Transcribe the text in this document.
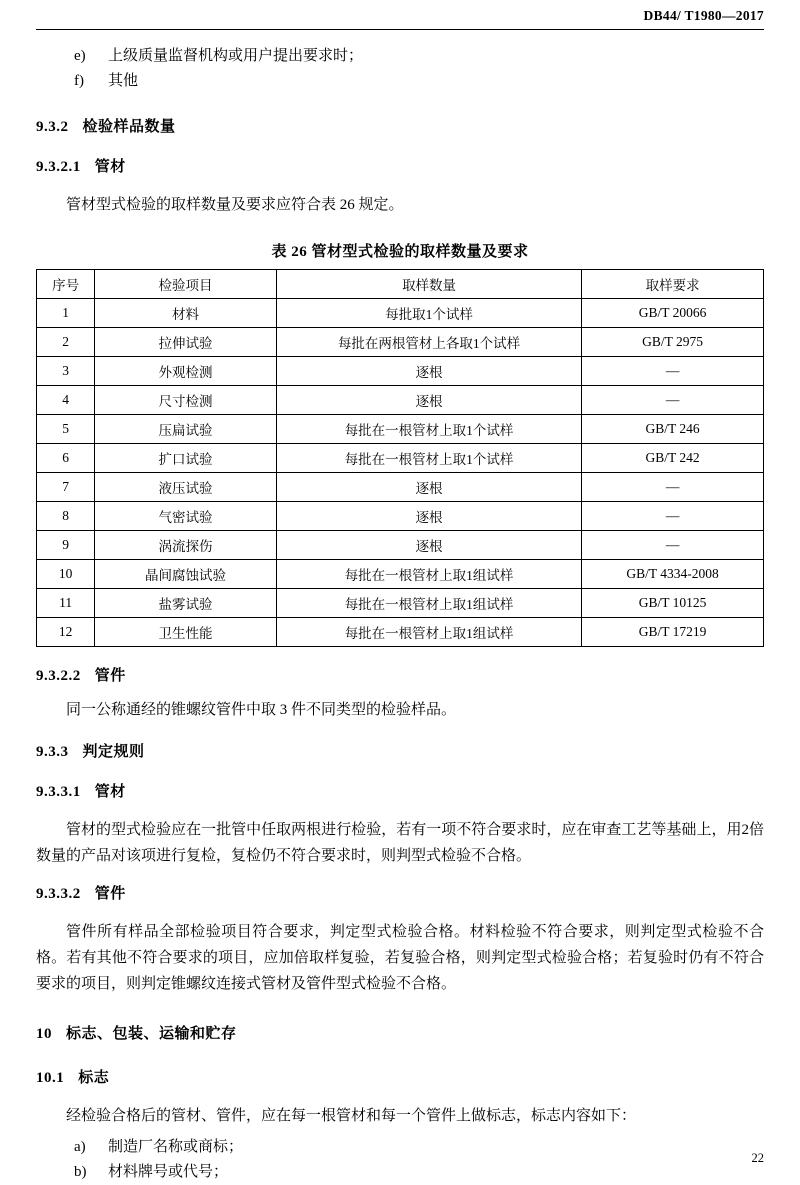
DB44/ T1980—2017
e)	上级质量监督机构或用户提出要求时；
f)	其他
9.3.2 检验样品数量
9.3.2.1 管材

管材型式检验的取样数量及要求应符合表 26 规定。

表 26 管材型式检验的取样数量及要求
序号	检验项目	取样数量	取样要求
1	材料	每批取1个试样	GB/T 20066
2	拉伸试验	每批在两根管材上各取1个试样	GB/T 2975
3	外观检测	逐根	—
4	尺寸检测	逐根	—
5	压扁试验	每批在一根管材上取1个试样	GB/T 246
6	扩口试验	每批在一根管材上取1个试样	GB/T 242
7	液压试验	逐根	—
8	气密试验	逐根	—
9	涡流探伤	逐根	—
10	晶间腐蚀试验	每批在一根管材上取1组试样	GB/T 4334-2008
11	盐雾试验	每批在一根管材上取1组试样	GB/T 10125
12	卫生性能	每批在一根管材上取1组试样	GB/T 17219
9.3.2.2 管件

同一公称通经的锥螺纹管件中取 3 件不同类型的检验样品。

9.3.3 判定规则
9.3.3.1 管材

管材的型式检验应在一批管中任取两根进行检验，若有一项不符合要求时，应在审查工艺等基础上，用2倍数量的产品对该项进行复检，复检仍不符合要求时，则判型式检验不合格。

9.3.3.2 管件

管件所有样品全部检验项目符合要求，判定型式检验合格。材料检验不符合要求，则判定型式检验不合格。若有其他不符合要求的项目，应加倍取样复验，若复验合格，则判定型式检验合格；若复验时仍有不符合要求的项目，则判定锥螺纹连接式管材及管件型式检验不合格。

10 标志、包装、运输和贮存
10.1 标志

经检验合格后的管材、管件，应在每一根管材和每一个管件上做标志，标志内容如下：

a)	制造厂名称或商标；
b)	材料牌号或代号；
22
